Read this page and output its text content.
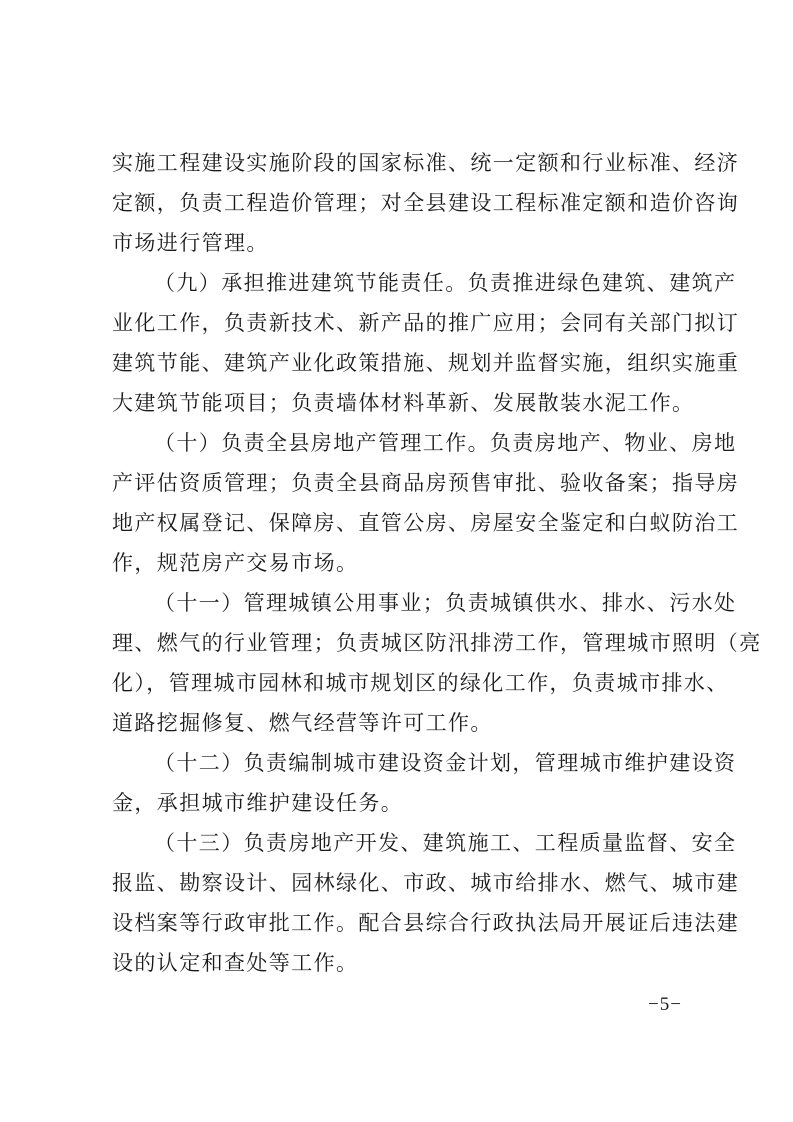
实施工程建设实施阶段的国家标准、统一定额和行业标准、经济
定额，负责工程造价管理；对全县建设工程标准定额和造价咨询
市场进行管理。
（九）承担推进建筑节能责任。负责推进绿色建筑、建筑产
业化工作，负责新技术、新产品的推广应用；会同有关部门拟订
建筑节能、建筑产业化政策措施、规划并监督实施，组织实施重
大建筑节能项目；负责墙体材料革新、发展散装水泥工作。
（十）负责全县房地产管理工作。负责房地产、物业、房地
产评估资质管理；负责全县商品房预售审批、验收备案；指导房
地产权属登记、保障房、直管公房、房屋安全鉴定和白蚁防治工
作，规范房产交易市场。
（十一）管理城镇公用事业；负责城镇供水、排水、污水处
理、燃气的行业管理；负责城区防汛排涝工作，管理城市照明（亮
化），管理城市园林和城市规划区的绿化工作，负责城市排水、
道路挖掘修复、燃气经营等许可工作。
（十二）负责编制城市建设资金计划，管理城市维护建设资
金，承担城市维护建设任务。
（十三）负责房地产开发、建筑施工、工程质量监督、安全
报监、勘察设计、园林绿化、市政、城市给排水、燃气、城市建
设档案等行政审批工作。配合县综合行政执法局开展证后违法建
设的认定和查处等工作。
−5−
